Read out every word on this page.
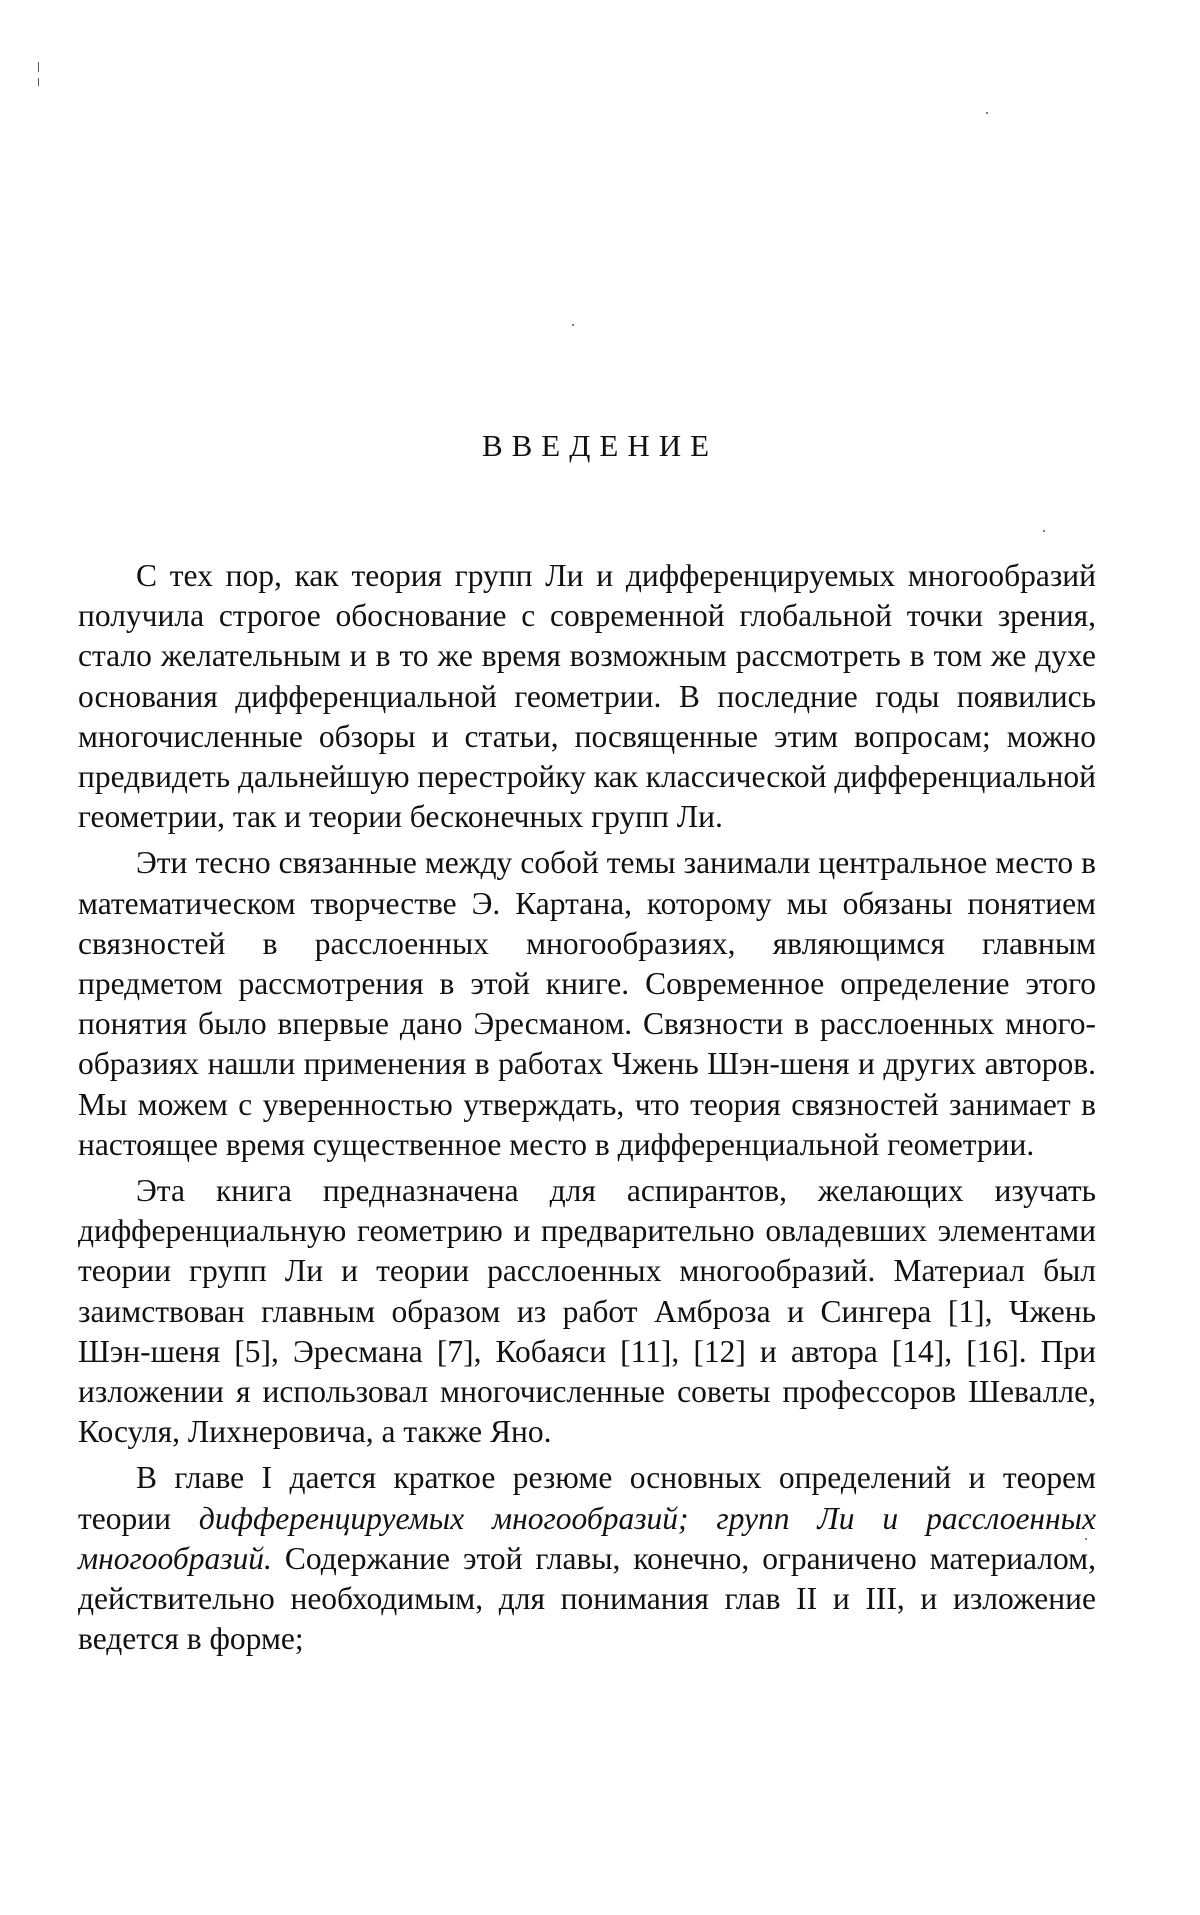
ВВЕДЕНИЕ

С тех пор, как теория групп Ли и дифференцируемых многообразий получила строгое обоснование с современной глобальной точки зрения, стало желательным и в то же время возможным рассмотреть в том же духе основания дифференциальной геометрии. В последние годы появились многочисленные обзоры и статьи, посвященные этим вопросам; можно предвидеть дальнейшую перестройку как классической дифференциальной геометрии, так и теории бесконечных групп Ли.

Эти тесно связанные между собой темы занимали центральное место в математическом творчестве Э. Картана, которому мы обязаны понятием связностей в расслоенных многообразиях, являющимся главным предметом рассмотрения в этой книге. Современное определение этого понятия было впервые дано Эресманом. Связности в расслоенных многообразиях нашли применения в работах Чжень Шэн-шеня и других авторов. Мы можем с уверенностью утверждать, что теория связностей занимает в настоящее время существенное место в дифференциальной геометрии.

Эта книга предназначена для аспирантов, желающих изучать дифференциальную геометрию и предварительно овладевших элементами теории групп Ли и теории расслоенных многообразий. Материал был заимствован главным образом из работ Амброза и Сингера [1], Чжень Шэн-шеня [5], Эресмана [7], Кобаяси [11], [12] и автора [14], [16]. При изложении я использовал многочисленные советы профессоров Шевалле, Косуля, Лихнеровича, а также Яно.

В главе I дается краткое резюме основных определений и теорем теории дифференцируемых многообразий; групп Ли и расслоенных многообразий. Содержание этой главы, конечно, ограничено материалом, действительно необходимым, для понимания глав II и III, и изложение ведется в форме;
